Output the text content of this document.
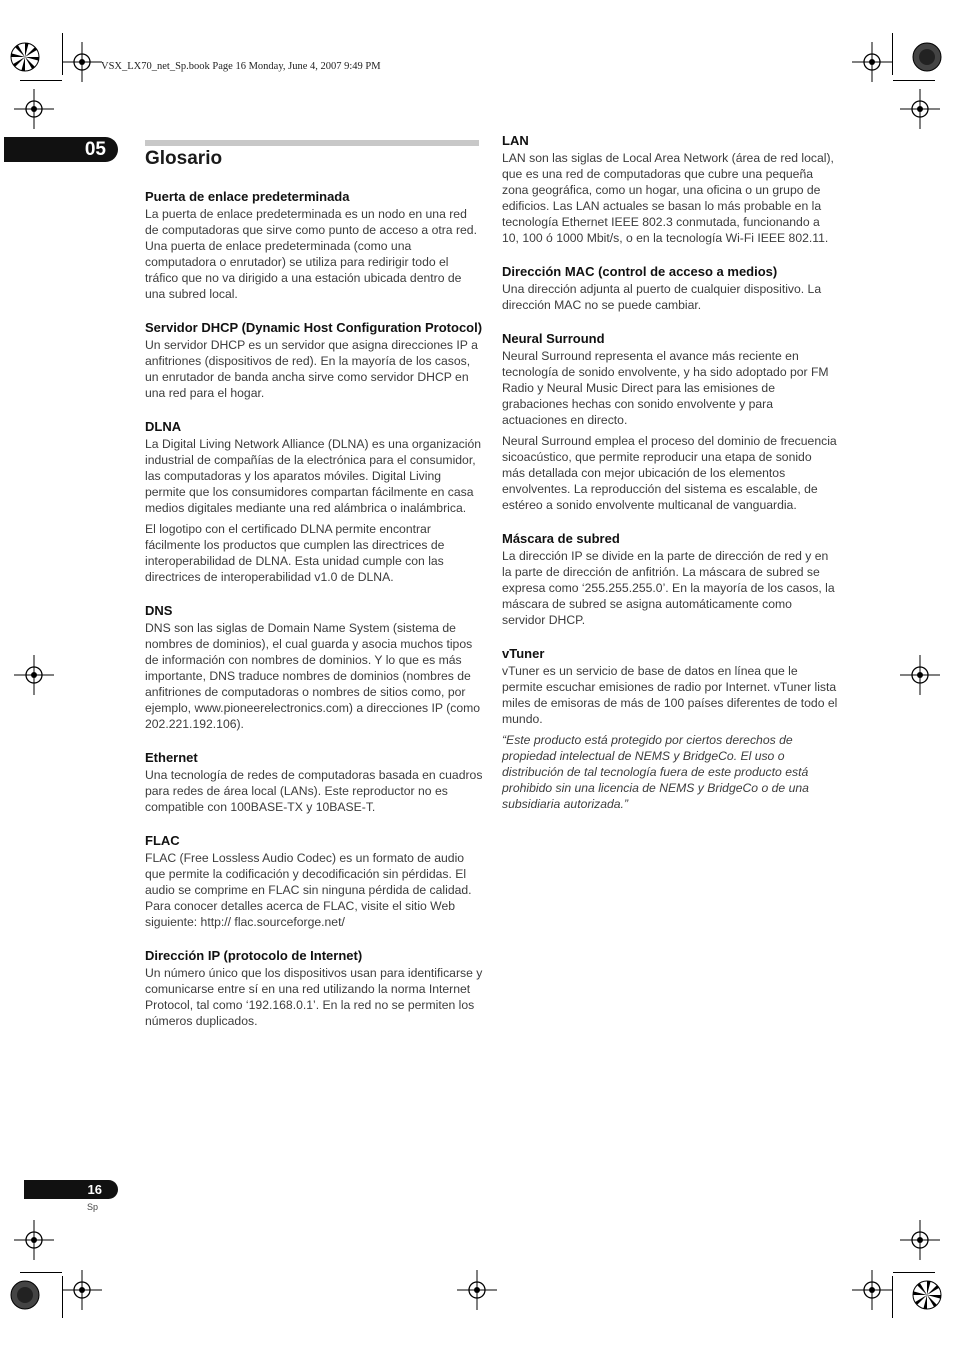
VSX_LX70_net_Sp.book Page 16 Monday, June 4, 2007 9:49 PM
05 Glosario

Puerta de enlace predeterminada

La puerta de enlace predeterminada es un nodo en una red de computadoras que sirve como punto de acceso a otra red. Una puerta de enlace predeterminada (como una computadora o enrutador) se utiliza para redirigir todo el tráfico que no va dirigido a una estación ubicada dentro de una subred local.

Servidor DHCP (Dynamic Host Configuration Protocol)

Un servidor DHCP es un servidor que asigna direcciones IP a anfitriones (dispositivos de red). En la mayoría de los casos, un enrutador de banda ancha sirve como servidor DHCP en una red para el hogar.

DLNA

La Digital Living Network Alliance (DLNA) es una organización industrial de compañías de la electrónica para el consumidor, las computadoras y los aparatos móviles. Digital Living permite que los consumidores compartan fácilmente en casa medios digitales mediante una red alámbrica o inalámbrica.

El logotipo con el certificado DLNA permite encontrar fácilmente los productos que cumplen las directrices de interoperabilidad de DLNA. Esta unidad cumple con las directrices de interoperabilidad v1.0 de DLNA.

DNS

DNS son las siglas de Domain Name System (sistema de nombres de dominios), el cual guarda y asocia muchos tipos de información con nombres de dominios. Y lo que es más importante, DNS traduce nombres de dominios (nombres de anfitriones de computadoras o nombres de sitios como, por ejemplo, www.pioneerelectronics.com) a direcciones IP (como 202.221.192.106).

Ethernet

Una tecnología de redes de computadoras basada en cuadros para redes de área local (LANs). Este reproductor no es compatible con 100BASE-TX y 10BASE-T.

FLAC

FLAC (Free Lossless Audio Codec) es un formato de audio que permite la codificación y decodificación sin pérdidas. El audio se comprime en FLAC sin ninguna pérdida de calidad. Para conocer detalles acerca de FLAC, visite el sitio Web siguiente: http:// flac.sourceforge.net/

Dirección IP (protocolo de Internet)

Un número único que los dispositivos usan para identificarse y comunicarse entre sí en una red utilizando la norma Internet Protocol, tal como ‘192.168.0.1’. En la red no se permiten los números duplicados.

LAN

LAN son las siglas de Local Area Network (área de red local), que es una red de computadoras que cubre una pequeña zona geográfica, como un hogar, una oficina o un grupo de edificios. Las LAN actuales se basan lo más probable en la tecnología Ethernet IEEE 802.3 conmutada, funcionando a 10, 100 ó 1000 Mbit/s, o en la tecnología Wi-Fi IEEE 802.11.

Dirección MAC (control de acceso a medios)

Una dirección adjunta al puerto de cualquier dispositivo. La dirección MAC no se puede cambiar.

Neural Surround

Neural Surround representa el avance más reciente en tecnología de sonido envolvente, y ha sido adoptado por FM Radio y Neural Music Direct para las emisiones de grabaciones hechas con sonido envolvente y para actuaciones en directo.

Neural Surround emplea el proceso del dominio de frecuencia sicoacústico, que permite reproducir una etapa de sonido más detallada con mejor ubicación de los elementos envolventes. La reproducción del sistema es escalable, de estéreo a sonido envolvente multicanal de vanguardia.

Máscara de subred

La dirección IP se divide en la parte de dirección de red y en la parte de dirección de anfitrión. La máscara de subred se expresa como ‘255.255.255.0’. En la mayoría de los casos, la máscara de subred se asigna automáticamente como servidor DHCP.

vTuner

vTuner es un servicio de base de datos en línea que le permite escuchar emisiones de radio por Internet. vTuner lista miles de emisoras de más de 100 países diferentes de todo el mundo.

“Este producto está protegido por ciertos derechos de propiedad intelectual de NEMS y BridgeCo. El uso o distribución de tal tecnología fuera de este producto está prohibido sin una licencia de NEMS y BridgeCo o de una subsidiaria autorizada.”

16
Sp
